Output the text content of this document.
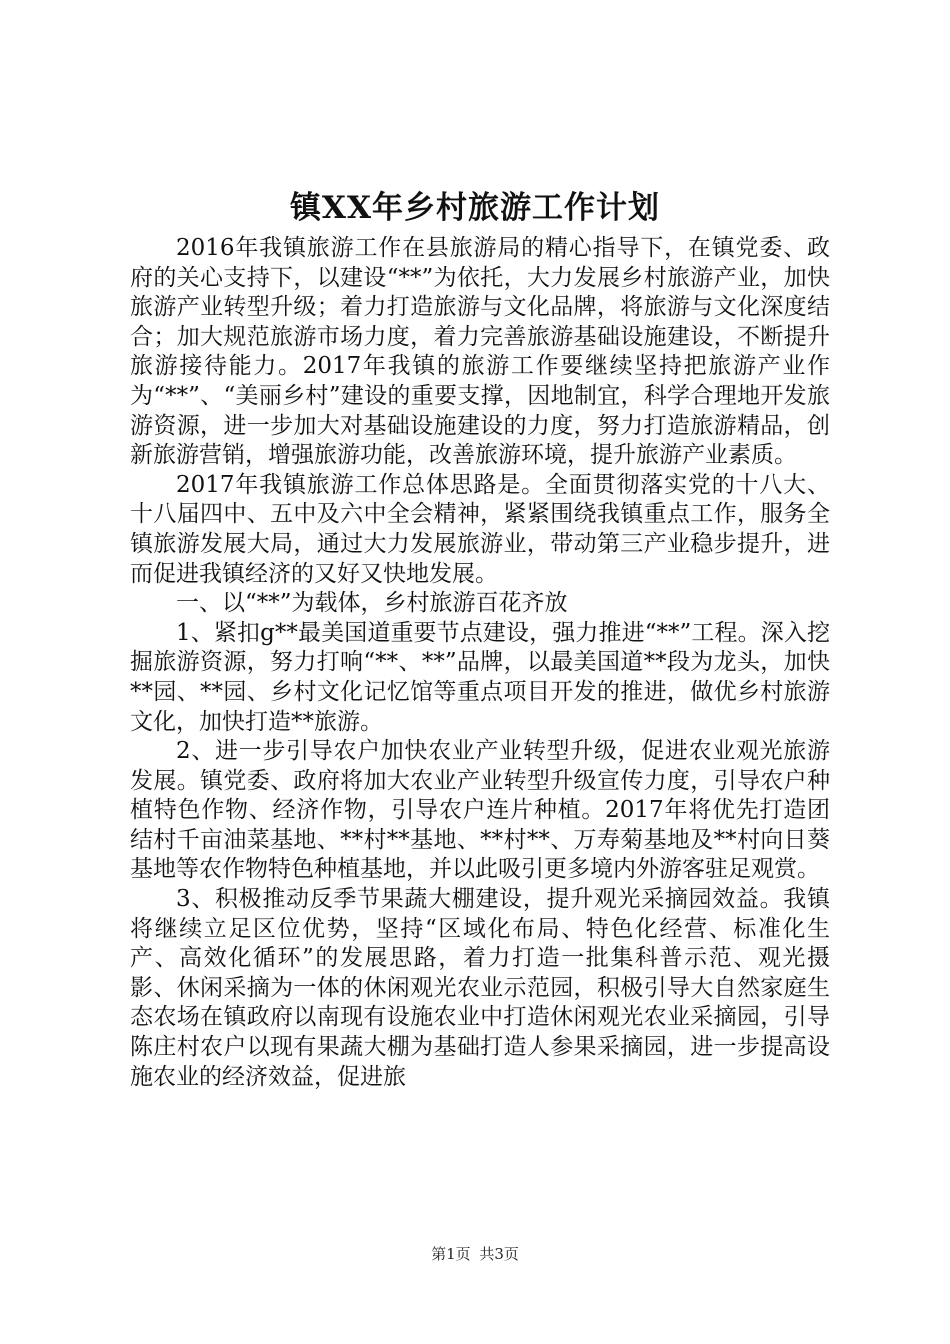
镇XX年乡村旅游工作计划

2016年我镇旅游工作在县旅游局的精心指导下，在镇党委、政府的关心支持下，以建设“**”为依托，大力发展乡村旅游产业，加快旅游产业转型升级；着力打造旅游与文化品牌，将旅游与文化深度结合；加大规范旅游市场力度，着力完善旅游基础设施建设，不断提升旅游接待能力。2017年我镇的旅游工作要继续坚持把旅游产业作为“**”、“美丽乡村”建设的重要支撑，因地制宜，科学合理地开发旅游资源，进一步加大对基础设施建设的力度，努力打造旅游精品，创新旅游营销，增强旅游功能，改善旅游环境，提升旅游产业素质。

2017年我镇旅游工作总体思路是。全面贯彻落实党的十八大、十八届四中、五中及六中全会精神，紧紧围绕我镇重点工作，服务全镇旅游发展大局，通过大力发展旅游业，带动第三产业稳步提升，进而促进我镇经济的又好又快地发展。

一、以“**”为载体，乡村旅游百花齐放

1、紧扣g**最美国道重要节点建设，强力推进“**”工程。深入挖掘旅游资源，努力打响“**、**”品牌，以最美国道**段为龙头，加快**园、**园、乡村文化记忆馆等重点项目开发的推进，做优乡村旅游文化，加快打造**旅游。

2、进一步引导农户加快农业产业转型升级，促进农业观光旅游发展。镇党委、政府将加大农业产业转型升级宣传力度，引导农户种植特色作物、经济作物，引导农户连片种植。2017年将优先打造团结村千亩油菜基地、**村**基地、**村**、万寿菊基地及**村向日葵基地等农作物特色种植基地，并以此吸引更多境内外游客驻足观赏。

3、积极推动反季节果蔬大棚建设，提升观光采摘园效益。我镇将继续立足区位优势，坚持“区域化布局、特色化经营、标准化生产、高效化循环”的发展思路，着力打造一批集科普示范、观光摄影、休闲采摘为一体的休闲观光农业示范园，积极引导大自然家庭生态农场在镇政府以南现有设施农业中打造休闲观光农业采摘园，引导陈庄村农户以现有果蔬大棚为基础打造人参果采摘园，进一步提高设施农业的经济效益，促进旅

第1页 共3页
